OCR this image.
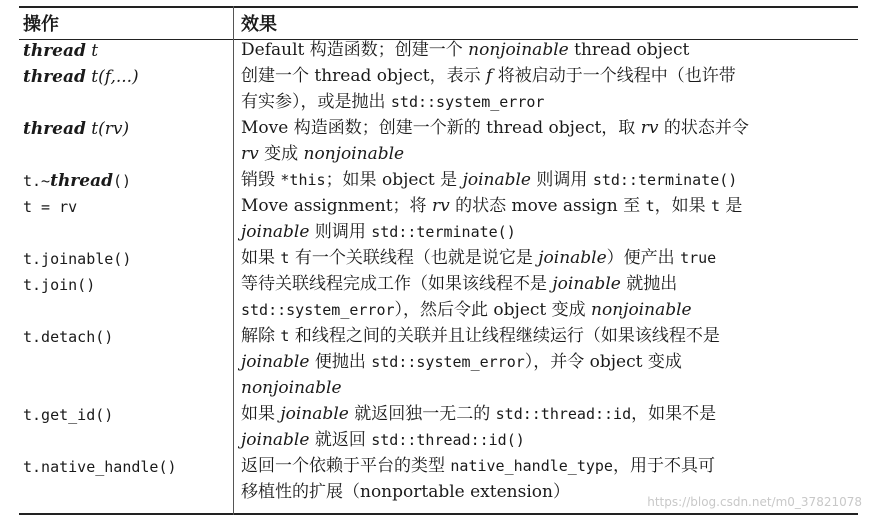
操作	效果
thread t	Default 构造函数；创建一个 nonjoinable thread object
thread t(f,...)	创建一个 thread object，表示 f 将被启动于一个线程中（也许带
有实参），或是抛出 std::system_error
thread t(rv)	Move 构造函数；创建一个新的 thread object，取 rv 的状态并令
rv 变成 nonjoinable
t.~thread()	销毁 *this；如果 object 是 joinable 则调用 std::terminate()
t = rv	Move assignment；将 rv 的状态 move assign 至 t，如果 t 是
joinable 则调用 std::terminate()
t.joinable()	如果 t 有一个关联线程（也就是说它是 joinable）便产出 true
t.join()	等待关联线程完成工作（如果该线程不是 joinable 就抛出
std::system_error），然后令此 object 变成 nonjoinable
t.detach()	解除 t 和线程之间的关联并且让线程继续运行（如果该线程不是
joinable 便抛出 std::system_error），并令 object 变成
nonjoinable
t.get_id()	如果 joinable 就返回独一无二的 std::thread::id，如果不是
joinable 就返回 std::thread::id()
t.native_handle()	返回一个依赖于平台的类型 native_handle_type，用于不具可
移植性的扩展（nonportable extension）	https://blog.csdn.net/m0_37821078
